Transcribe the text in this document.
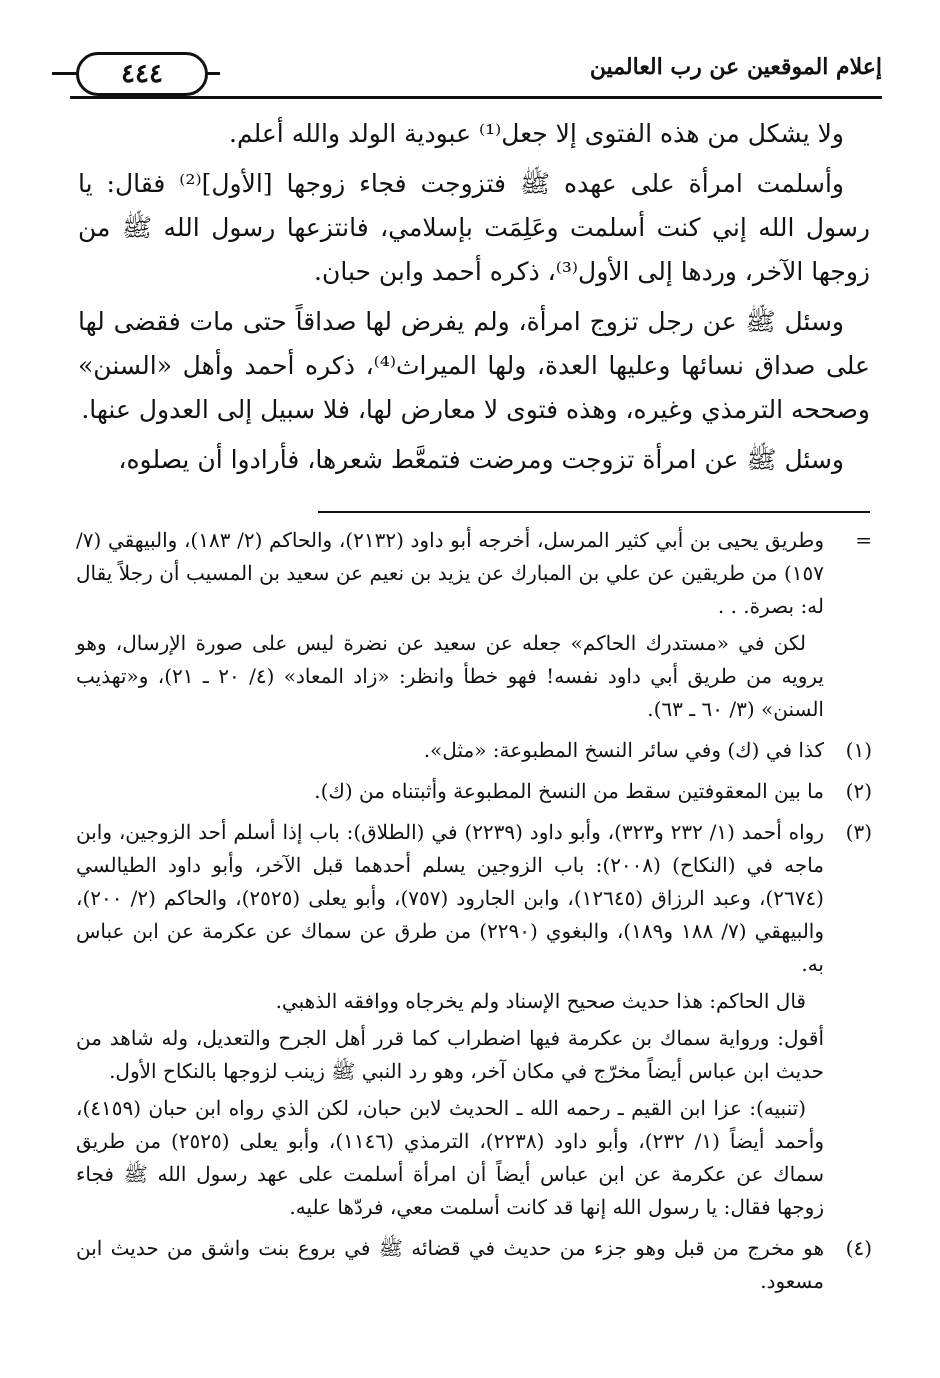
إعلام الموقعين عن رب العالمين
٤٤٤

ولا يشكل من هذه الفتوى إلا جعل⁽¹⁾ عبودية الولد والله أعلم.

وأسلمت امرأة على عهده ﷺ فتزوجت فجاء زوجها [الأول]⁽²⁾ فقال: يا رسول الله إني كنت أسلمت وعَلِمَت بإسلامي، فانتزعها رسول الله ﷺ من زوجها الآخر، وردها إلى الأول⁽³⁾، ذكره أحمد وابن حبان.

وسئل ﷺ عن رجل تزوج امرأة، ولم يفرض لها صداقاً حتى مات فقضى لها على صداق نسائها وعليها العدة، ولها الميراث⁽⁴⁾، ذكره أحمد وأهل «السنن» وصححه الترمذي وغيره، وهذه فتوى لا معارض لها، فلا سبيل إلى العدول عنها.

وسئل ﷺ عن امرأة تزوجت ومرضت فتمعَّط شعرها، فأرادوا أن يصلوه،

=

وطريق يحيى بن أبي كثير المرسل، أخرجه أبو داود (٢١٣٢)، والحاكم (٢/ ١٨٣)، والبيهقي (٧/ ١٥٧) من طريقين عن علي بن المبارك عن يزيد بن نعيم عن سعيد بن المسيب أن رجلاً يقال له: بصرة. . .

لكن في «مستدرك الحاكم» جعله عن سعيد عن نضرة ليس على صورة الإرسال، وهو يرويه من طريق أبي داود نفسه! فهو خطأ وانظر: «زاد المعاد» (٤/ ٢٠ ـ ٢١)، و«تهذيب السنن» (٣/ ٦٠ ـ ٦٣).

(١)

كذا في (ك) وفي سائر النسخ المطبوعة: «مثل».

(٢)

ما بين المعقوفتين سقط من النسخ المطبوعة وأثبتناه من (ك).

(٣)

رواه أحمد (١/ ٢٣٢ و٣٢٣)، وأبو داود (٢٢٣٩) في (الطلاق): باب إذا أسلم أحد الزوجين، وابن ماجه في (النكاح) (٢٠٠٨): باب الزوجين يسلم أحدهما قبل الآخر، وأبو داود الطيالسي (٢٦٧٤)، وعبد الرزاق (١٢٦٤٥)، وابن الجارود (٧٥٧)، وأبو يعلى (٢٥٢٥)، والحاكم (٢/ ٢٠٠)، والبيهقي (٧/ ١٨٨ و١٨٩)، والبغوي (٢٢٩٠) من طرق عن سماك عن عكرمة عن ابن عباس به.

قال الحاكم: هذا حديث صحيح الإسناد ولم يخرجاه ووافقه الذهبي.

أقول: ورواية سماك بن عكرمة فيها اضطراب كما قرر أهل الجرح والتعديل، وله شاهد من حديث ابن عباس أيضاً مخرّج في مكان آخر، وهو رد النبي ﷺ زينب لزوجها بالنكاح الأول.

(تنبيه): عزا ابن القيم ـ رحمه الله ـ الحديث لابن حبان، لكن الذي رواه ابن حبان (٤١٥٩)، وأحمد أيضاً (١/ ٢٣٢)، وأبو داود (٢٢٣٨)، الترمذي (١١٤٦)، وأبو يعلى (٢٥٢٥) من طريق سماك عن عكرمة عن ابن عباس أيضاً أن امرأة أسلمت على عهد رسول الله ﷺ فجاء زوجها فقال: يا رسول الله إنها قد كانت أسلمت معي، فردّها عليه.

(٤)

هو مخرج من قبل وهو جزء من حديث في قضائه ﷺ في بروع بنت واشق من حديث ابن مسعود.
